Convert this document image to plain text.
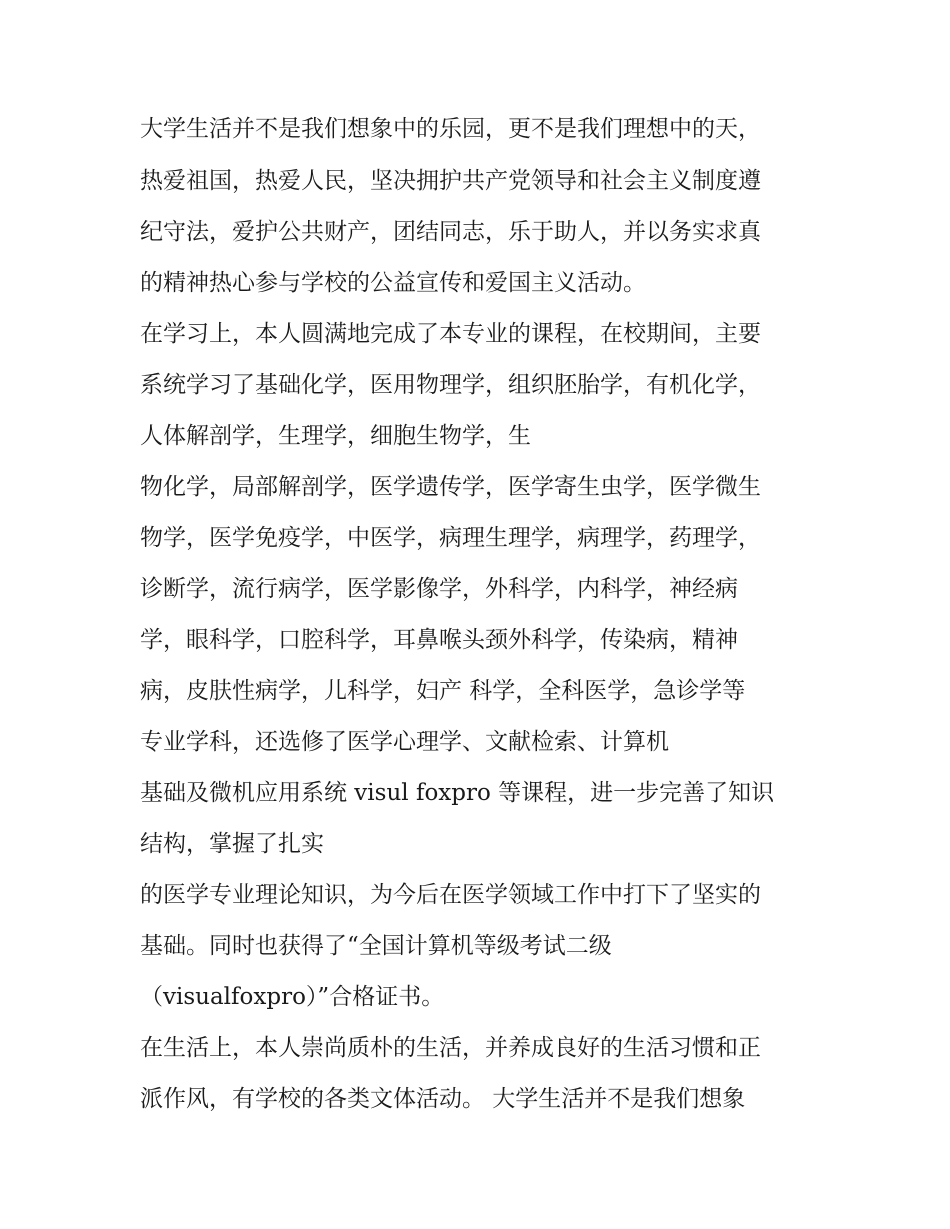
大学生活并不是我们想象中的乐园，更不是我们理想中的天，

热爱祖国，热爱人民，坚决拥护共产党领导和社会主义制度遵

纪守法，爱护公共财产，团结同志，乐于助人，并以务实求真

的精神热心参与学校的公益宣传和爱国主义活动。

在学习上，本人圆满地完成了本专业的课程，在校期间，主要

系统学习了基础化学，医用物理学，组织胚胎学，有机化学，

人体解剖学，生理学，细胞生物学，生

物化学，局部解剖学，医学遗传学，医学寄生虫学，医学微生

物学，医学免疫学，中医学，病理生理学，病理学，药理学，

诊断学，流行病学，医学影像学，外科学，内科学，神经病

学，眼科学，口腔科学，耳鼻喉头颈外科学，传染病，精神

病，皮肤性病学，儿科学，妇产 科学，全科医学，急诊学等

专业学科，还选修了医学心理学、文献检索、计算机

基础及微机应用系统 visul foxpro 等课程，进一步完善了知识

结构，掌握了扎实

的医学专业理论知识，为今后在医学领域工作中打下了坚实的

基础。同时也获得了“全国计算机等级考试二级

（visualfoxpro）”合格证书。

在生活上，本人崇尚质朴的生活，并养成良好的生活习惯和正

派作风，有学校的各类文体活动。 大学生活并不是我们想象
